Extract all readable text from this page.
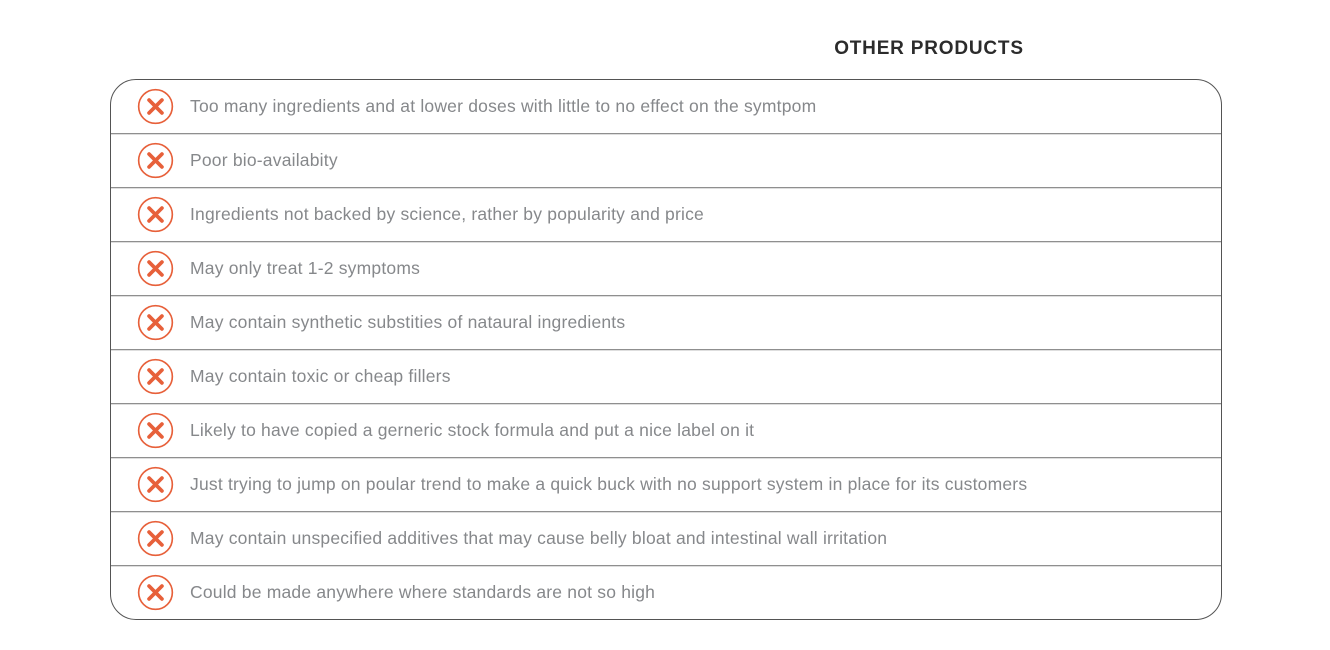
OTHER PRODUCTS
Too many ingredients and at lower doses with little to no effect on the symtpom
Poor bio-availabity
Ingredients not backed by science, rather by popularity and price
May only treat 1-2 symptoms
May contain synthetic substities of nataural ingredients
May contain toxic or cheap fillers
Likely to have copied a gerneric stock formula and put a nice label on it
Just trying to jump on poular trend to make a quick buck with no support system in place for its customers
May contain unspecified additives that may cause belly bloat and intestinal wall irritation
Could be made anywhere where standards are not so high
